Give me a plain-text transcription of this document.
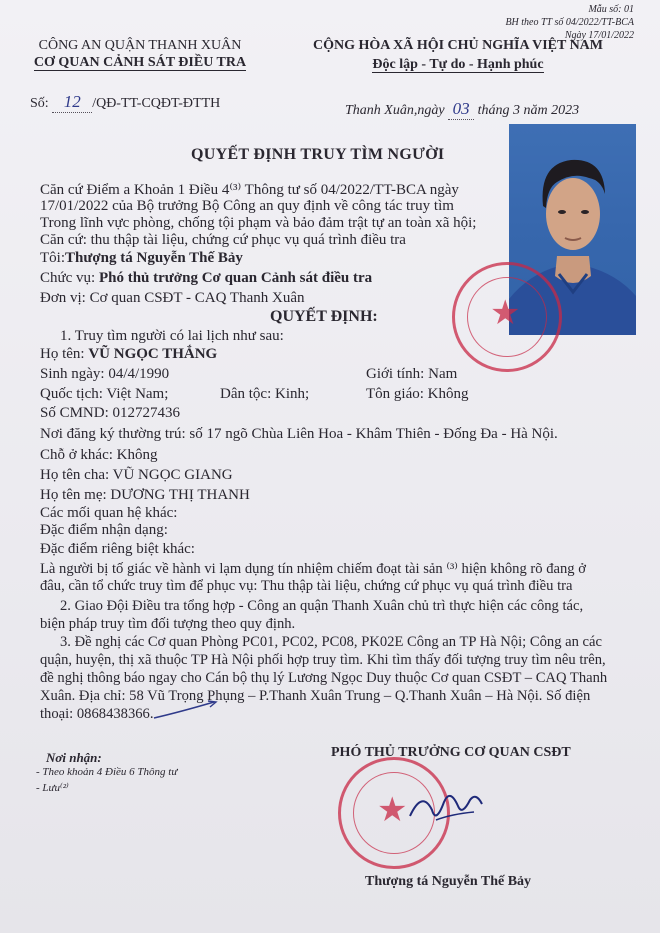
Mẫu số: 01
BH theo TT số 04/2022/TT-BCA
Ngày 17/01/2022
CÔNG AN QUẬN THANH XUÂN
CƠ QUAN CẢNH SÁT ĐIỀU TRA
Số: 12 /QĐ-TT-CQĐT-ĐTTH
CỘNG HÒA XÃ HỘI CHỦ NGHĨA VIỆT NAM
Độc lập - Tự do - Hạnh phúc
Thanh Xuân,ngày 03 tháng 3 năm 2023
QUYẾT ĐỊNH TRUY TÌM NGƯỜI
★
Căn cứ Điểm a Khoản 1 Điều 4⁽³⁾ Thông tư số 04/2022/TT-BCA ngày
17/01/2022 của Bộ trưởng Bộ Công an quy định về công tác truy tìm
Trong lĩnh vực phòng, chống tội phạm và bảo đảm trật tự an toàn xã hội;
Căn cứ: thu thập tài liệu, chứng cứ phục vụ quá trình điều tra
Tôi:Thượng tá Nguyễn Thế Bảy
Chức vụ: Phó thủ trưởng Cơ quan Cảnh sát điều tra
Đơn vị: Cơ quan CSĐT - CAQ Thanh Xuân
QUYẾT ĐỊNH:
1. Truy tìm người có lai lịch như sau:
Họ tên: VŨ NGỌC THẮNG
Sinh ngày: 04/4/1990	Giới tính: Nam
Quốc tịch: Việt Nam;	Dân tộc: Kinh;	Tôn giáo: Không
Số CMND: 012727436
Nơi đăng ký thường trú: số 17 ngõ Chùa Liên Hoa - Khâm Thiên - Đống Đa - Hà Nội.
Chỗ ở khác: Không
Họ tên cha: VŨ NGỌC GIANG
Họ tên mẹ: DƯƠNG THỊ THANH
Các mối quan hệ khác:
Đặc điểm nhận dạng:
Đặc điểm riêng biệt khác:
Là người bị tố giác về hành vi lạm dụng tín nhiệm chiếm đoạt tài sản ⁽³⁾ hiện không rõ đang ở
đâu, cần tổ chức truy tìm để phục vụ: Thu thập tài liệu, chứng cứ phục vụ quá trình điều tra
2. Giao Đội Điều tra tổng hợp - Công an quận Thanh Xuân chủ trì thực hiện các công tác,
biện pháp truy tìm đối tượng theo quy định.
3. Đề nghị các Cơ quan Phòng PC01, PC02, PC08, PK02E Công an TP Hà Nội; Công an các
quận, huyện, thị xã thuộc TP Hà Nội phối hợp truy tìm. Khi tìm thấy đối tượng truy tìm nêu trên,
đề nghị thông báo ngay cho Cán bộ thụ lý Lương Ngọc Duy thuộc Cơ quan CSĐT – CAQ Thanh
Xuân. Địa chỉ: 58 Vũ Trọng Phụng – P.Thanh Xuân Trung – Q.Thanh Xuân – Hà Nội. Số điện
thoại: 0868438366.
Nơi nhận:
- Theo khoản 4 Điều 6 Thông tư
- Lưu⁽²⁾
PHÓ THỦ TRƯỞNG CƠ QUAN CSĐT
★
Thượng tá Nguyễn Thế Bảy
